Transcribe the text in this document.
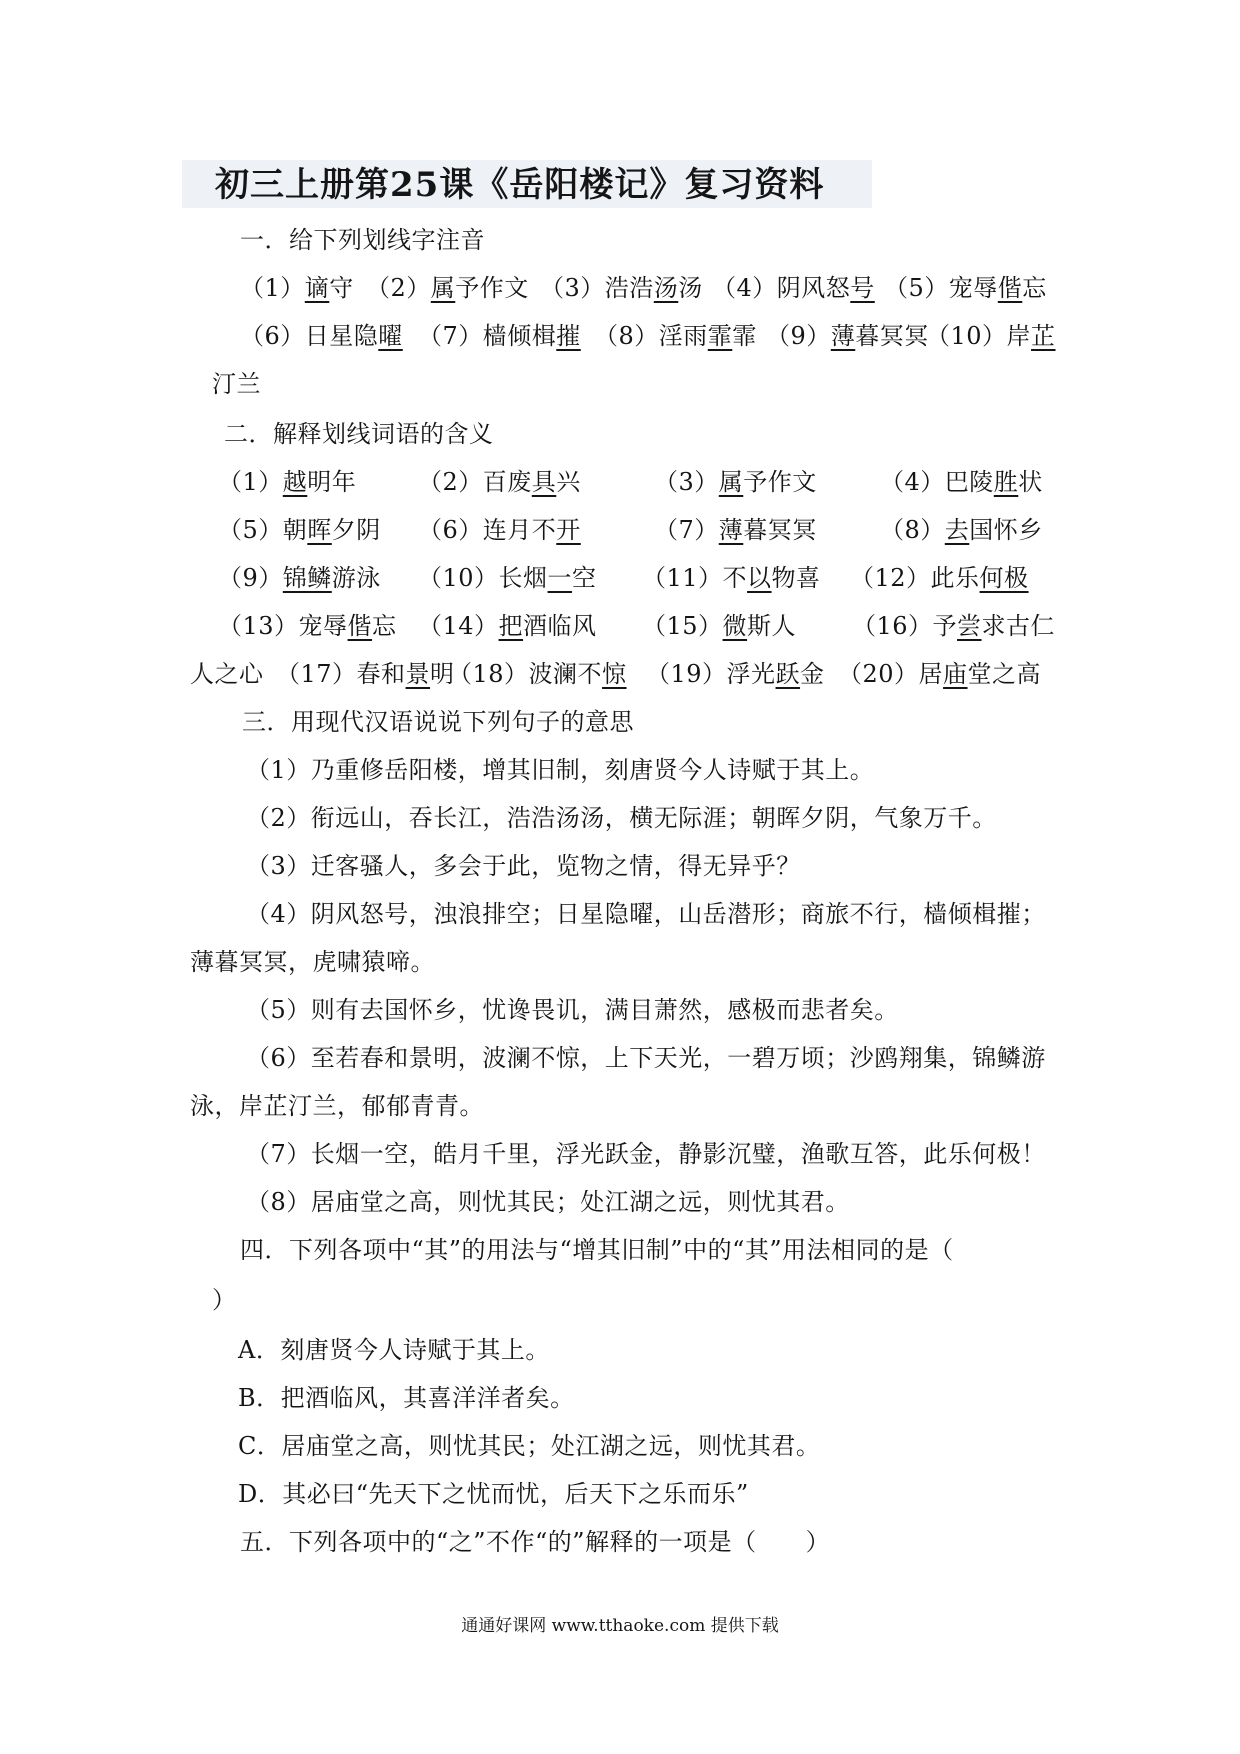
初三上册第25课《岳阳楼记》复习资料
一．给下列划线字注音
（1）谪守 （2）属予作文 （3）浩浩汤汤 （4）阴风怒号 （5）宠辱偕忘
（6）日星隐曜 （7）樯倾楫摧 （8）淫雨霏霏 （9）薄暮冥冥
（10）岸芷
汀兰
二．解释划线词语的含义
（1）越明年	（2）百废具兴	（3）属予作文	（4）巴陵胜状
（5）朝晖夕阴 （6）连月不开	（7）薄暮冥冥	（8）去国怀乡
（9）锦鳞游泳 （10）长烟一空 （11）不以物喜 （12）此乐何极
（13）宠辱偕忘 （14）把酒临风 （15）微斯人 （16）予尝求古仁
人之心 （17）春和景明
（18）波澜不惊 （19）浮光跃金 （20）居庙堂之高
三．用现代汉语说说下列句子的意思
（1）乃重修岳阳楼，增其旧制，刻唐贤今人诗赋于其上。
（2）衔远山，吞长江，浩浩汤汤，横无际涯；朝晖夕阴，气象万千。
（3）迁客骚人，多会于此，览物之情，得无异乎？
（4）阴风怒号，浊浪排空；日星隐曜，山岳潜形；商旅不行，樯倾楫摧；
薄暮冥冥，虎啸猿啼。
（5）则有去国怀乡，忧谗畏讥，满目萧然，感极而悲者矣。
（6）至若春和景明，波澜不惊，上下天光，一碧万顷；沙鸥翔集，锦鳞游
泳，岸芷汀兰，郁郁青青。
（7）长烟一空，皓月千里，浮光跃金，静影沉璧，渔歌互答，此乐何极！
（8）居庙堂之高，则忧其民；处江湖之远，则忧其君。
四．下列各项中“其”的用法与“增其旧制”中的“其”用法相同的是（
）
A．刻唐贤今人诗赋于其上。
B．把酒临风，其喜洋洋者矣。
C．居庙堂之高，则忧其民；处江湖之远，则忧其君。
D．其必曰“先天下之忧而忧，后天下之乐而乐”
五．下列各项中的“之”不作“的”解释的一项是（　　）
通通好课网 www.tthaoke.com 提供下载
